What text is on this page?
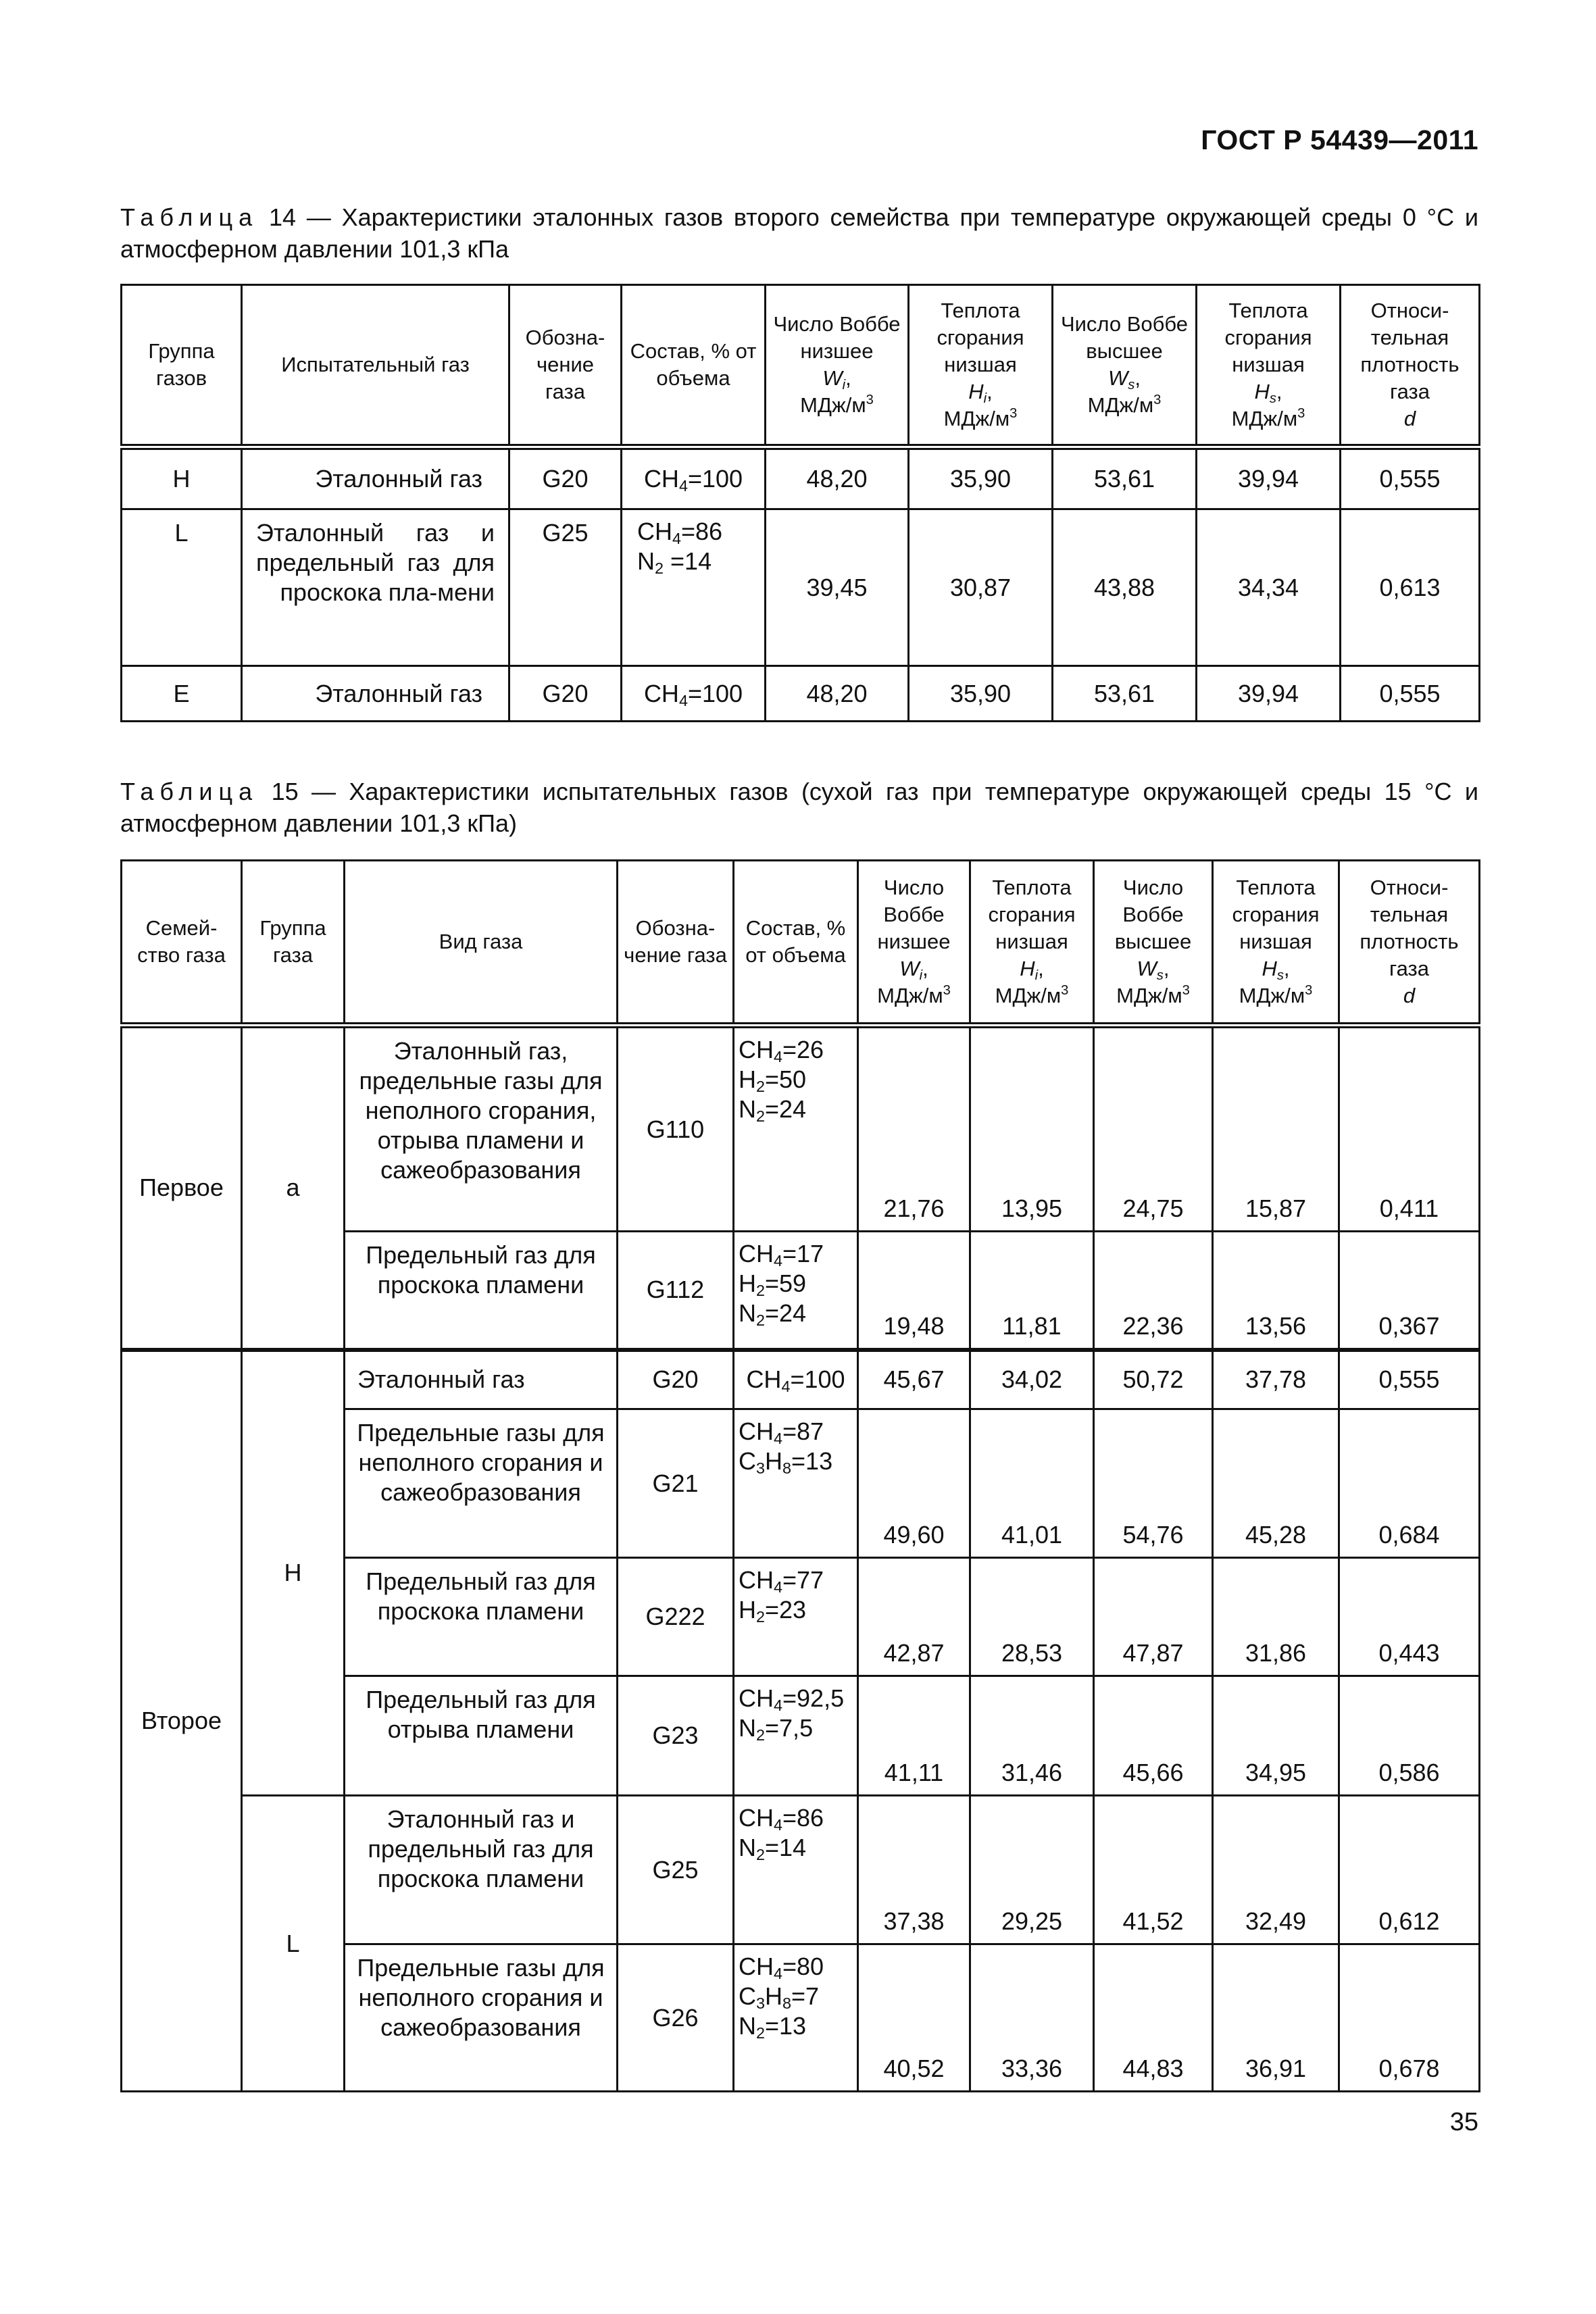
ГОСТ Р 54439—2011
Таблица 14 — Характеристики эталонных газов второго семейства при температуре окружающей среды 0 °С и атмосферном давлении 101,3 кПа
Группа газов	Испытательный газ	Обозна-чение газа	Состав, % от объема	Число Воббе низшее
$W_i$,
МДж/$м^3$	Теплота сгорания низшая
$H_i$,
МДж/$м^3$	Число Воббе высшее
$W_s$,
МДж/$м^3$	Теплота сгорания низшая
$H_s$,
МДж/$м^3$	Относи-тельная плотность газа
d
H	Эталонный газ	G20	$CH_4=100$	48,20	35,90	53,61	39,94	0,555
L	Эталонный газ и предельный газ для проскока пла-мени	G25	$CH_4=86$
$N_2 =14$	39,45	30,87	43,88	34,34	0,613
E	Эталонный газ	G20	$CH_4=100$	48,20	35,90	53,61	39,94	0,555
Таблица 15 — Характеристики испытательных газов (сухой газ при температуре окружающей среды 15 °С и атмосферном давлении 101,3 кПа)
Семей-ство газа	Группа газа	Вид газа	Обозна-чение газа	Состав, % от объема	Число Воббе низшее
$W_i$,
МДж/$м^3$	Теплота сгорания низшая
$H_i$,
МДж/$м^3$	Число Воббе высшее
$W_s$,
МДж/$м^3$	Теплота сгорания низшая
$H_s$,
МДж/$м^3$	Относи-тельная плотность газа
d
Первое	а	Эталонный газ, предельные газы для неполного сгорания, отрыва пламени и сажеобразования	G110	$CH_4=26$
$H_2=50$
$N_2=24$	21,76	13,95	24,75	15,87	0,411
		Предельный газ для проскока пламени	G112	$CH_4=17$
$H_2=59$
$N_2=24$	19,48	11,81	22,36	13,56	0,367
Второе	Н	Эталонный газ	G20	$CH_4=100$	45,67	34,02	50,72	37,78	0,555
		Предельные газы для неполного сгорания и сажеобразования	G21	$CH_4=87$
$C_3H_8=13$	49,60	41,01	54,76	45,28	0,684
		Предельный газ для проскока пламени	G222	$CH_4=77$
$H_2=23$	42,87	28,53	47,87	31,86	0,443
		Предельный газ для отрыва пламени	G23	$CH_4=92,5$
$N_2=7,5$	41,11	31,46	45,66	34,95	0,586
	L	Эталонный газ и предельный газ для проскока пламени	G25	$CH_4=86$
$N_2=14$	37,38	29,25	41,52	32,49	0,612
		Предельные газы для неполного сгорания и сажеобразования	G26	$CH_4=80$
$C_3H_8=7$
$N_2=13$	40,52	33,36	44,83	36,91	0,678
35
